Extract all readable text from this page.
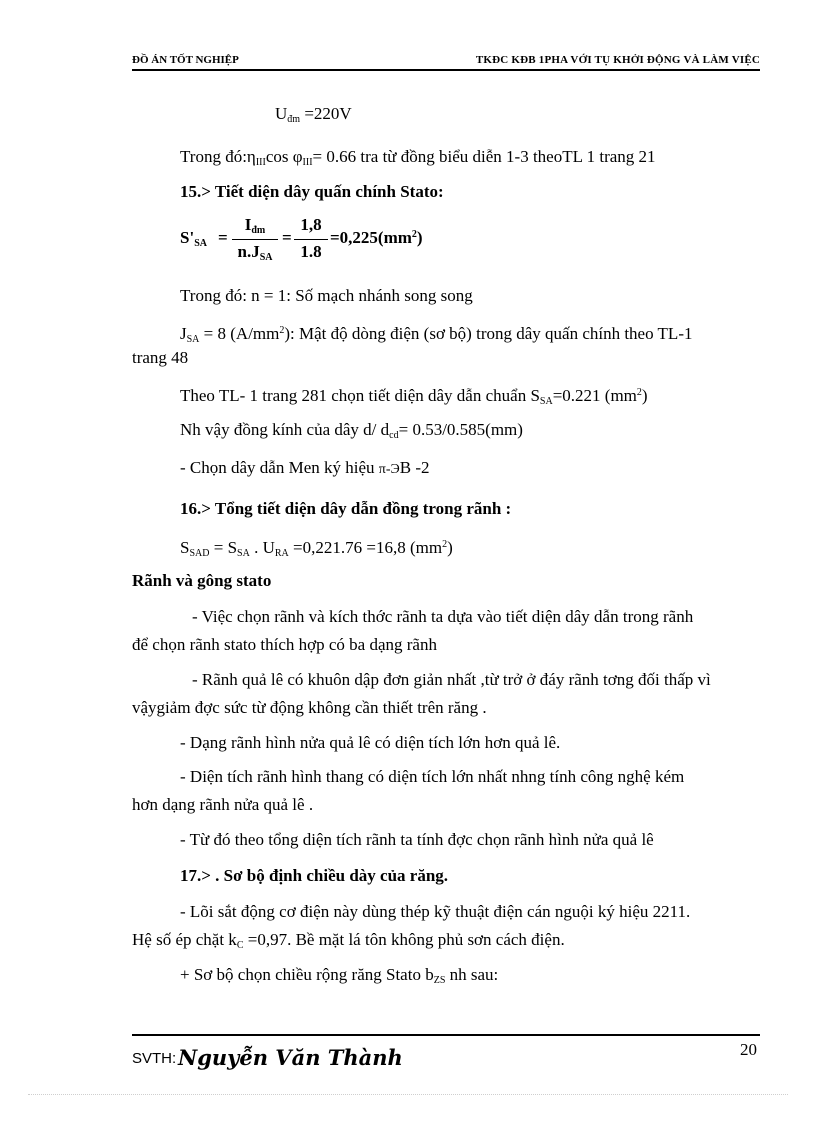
ĐỒ ÁN TỐT NGHIỆP	TKĐC KĐB 1PHA VỚI TỤ KHỞI ĐỘNG VÀ LÀM VIỆC
$U_{đm} =220V$
Trong $đó:\eta_{III}\cos$ $\varphi_{III}= 0.66$ tra từ đồng biểu diễn 1-3 theoTL 1 trang 21
15.> Tiết diện dây quấn chính Stato:
$S'_{SA}$ =
$I_{đm}$
$n.J_{SA}$
=
1,8
1.8
$=0,225(mm^2)$
Trong đó: n = 1: Số mạch nhánh song song
$J_{SA} = 8$ $(A/mm^2)$: Mật độ dòng điện (sơ bộ) trong dây quấn chính theo TL-1
trang 48
Theo TL- 1 trang 281 chọn tiết diện dây dẫn chuẩn $S_{SA}=0.221$ $(mm^2)$
Nh vậy đồng kính của dây d/ $d_{cd}= 0.53/0.585(mm)$
- Chọn dây dẫn Men ký hiệu π-ЭB -2
16.> Tổng tiết diện dây dẫn đồng trong rãnh :
$S_{SAD} = S_{SA}$ . $U_{RA} =0,221.76 =16,8$ $(mm^2)$
Rãnh và gông stato
- Việc chọn rãnh và kích thớc rãnh ta dựa vào tiết diện dây dẫn trong rãnh
để chọn rãnh stato thích hợp có ba dạng rãnh
- Rãnh quả lê có khuôn dập đơn giản nhất ,từ trở ở đáy rãnh tơng đối thấp vì
vậygiảm đợc sức từ động không cần thiết trên răng .
- Dạng rãnh hình nửa quả lê có diện tích lớn hơn quả lê.
- Diện tích rãnh hình thang có diện tích lớn nhất nhng tính công nghệ kém
hơn dạng rãnh nửa quả lê .
- Từ đó theo tổng diện tích rãnh ta tính đợc chọn rãnh hình nửa quả lê
17.> . Sơ bộ định chiều dày của răng.
- Lõi sắt động cơ điện này dùng thép kỹ thuật điện cán nguội ký hiệu 2211.
Hệ số ép chặt $k_C =0,97$. Bề mặt lá tôn không phủ sơn cách điện.
+ Sơ bộ chọn chiều rộng răng Stato $b_{ZS}$ nh sau:
20
SVTH: Nguyễn Văn Thành
